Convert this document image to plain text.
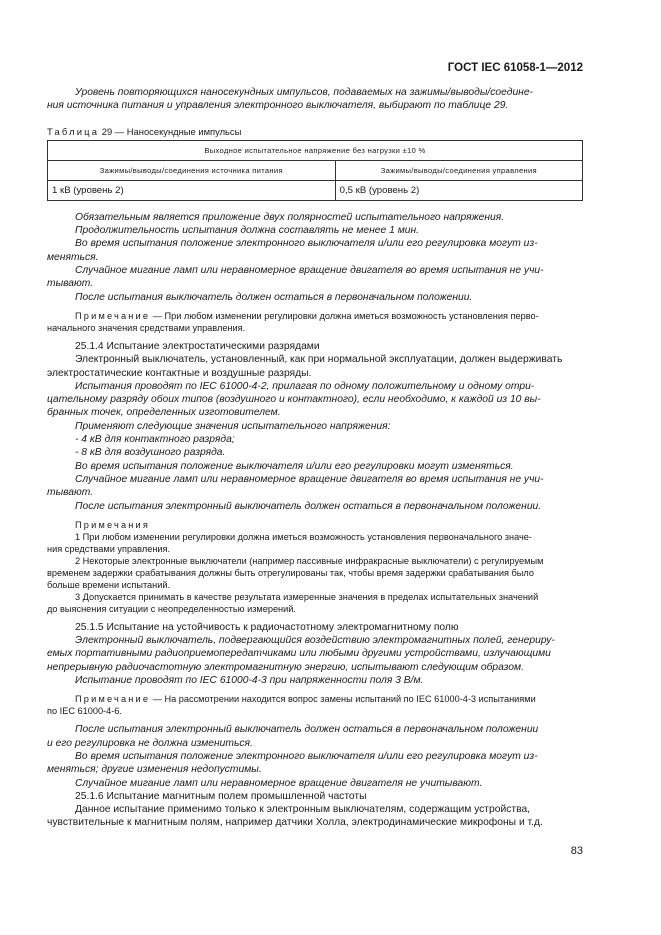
ГОСТ IEC 61058-1—2012

Уровень повторяющихся наносекундных импульсов, подаваемых на зажимы/выводы/соедине-

ния источника питания и управления электронного выключателя, выбирают по таблице 29.

Таблица 29 — Наносекундные импульсы
Выходное испытательное напряжение без нагрузки ±10 %	
Зажимы/выводы/соединения источника питания	Зажимы/выводы/соединения управления
1 кВ (уровень 2)	0,5 кВ (уровень 2)

Обязательным является приложение двух полярностей испытательного напряжения.

Продолжительность испытания должна составлять не менее 1 мин.

Во время испытания положение электронного выключателя и/или его регулировка могут из-

меняться.

Случайное мигание ламп или неравномерное вращение двигателя во время испытания не учи-

тывают.

После испытания выключатель должен остаться в первоначальном положении.

Примечание — При любом изменении регулировки должна иметься возможность установления перво-

начального значения средствами управления.

25.1.4 Испытание электростатическими разрядами

Электронный выключатель, установленный, как при нормальной эксплуатации, должен выдерживать

электростатические контактные и воздушные разряды.

Испытания проводят по IEC 61000-4-2, прилагая по одному положительному и одному отри-

цательному разряду обоих типов (воздушного и контактного), если необходимо, к каждой из 10 вы-

бранных точек, определенных изготовителем.

Применяют следующие значения испытательного напряжения:

- 4 кВ для контактного разряда;

- 8 кВ для воздушного разряда.

Во время испытания положение выключателя и/или его регулировки могут изменяться.

Случайное мигание ламп или неравномерное вращение двигателя во время испытания не учи-

тывают.

После испытания электронный выключатель должен остаться в первоначальном положении.

Примечания

1 При любом изменении регулировки должна иметься возможность установления первоначального значе-

ния средствами управления.

2 Некоторые электронные выключатели (например пассивные инфракрасные выключатели) с регулируемым

временем задержки срабатывания должны быть отрегулированы так, чтобы время задержки срабатывания было

больше времени испытаний.

3 Допускается принимать в качестве результата измеренные значения в пределах испытательных значений

до выяснения ситуации с неопределенностью измерений.

25.1.5 Испытание на устойчивость к радиочастотному электромагнитному полю

Электронный выключатель, подвергающийся воздействию электромагнитных полей, генериру-

емых портативными радиоприемопередатчиками или любыми другими устройствами, излучающими

непрерывную радиочастотную электромагнитную энергию, испытывают следующим образом.

Испытание проводят по IEC 61000-4-3 при напряженности поля 3 В/м.

Примечание — На рассмотрении находится вопрос замены испытаний по IEC 61000-4-3 испытаниями

по IEC 61000-4-6.

После испытания электронный выключатель должен остаться в первоначальном положении

и его регулировка не должна измениться.

Во время испытания положение электронного выключателя и/или его регулировка могут из-

меняться; другие изменения недопустимы.

Случайное мигание ламп или неравномерное вращение двигателя не учитывают.

25.1.6 Испытание магнитным полем промышленной частоты

Данное испытание применимо только к электронным выключателям, содержащим устройства,

чувствительные к магнитным полям, например датчики Холла, электродинамические микрофоны и т.д.

83
